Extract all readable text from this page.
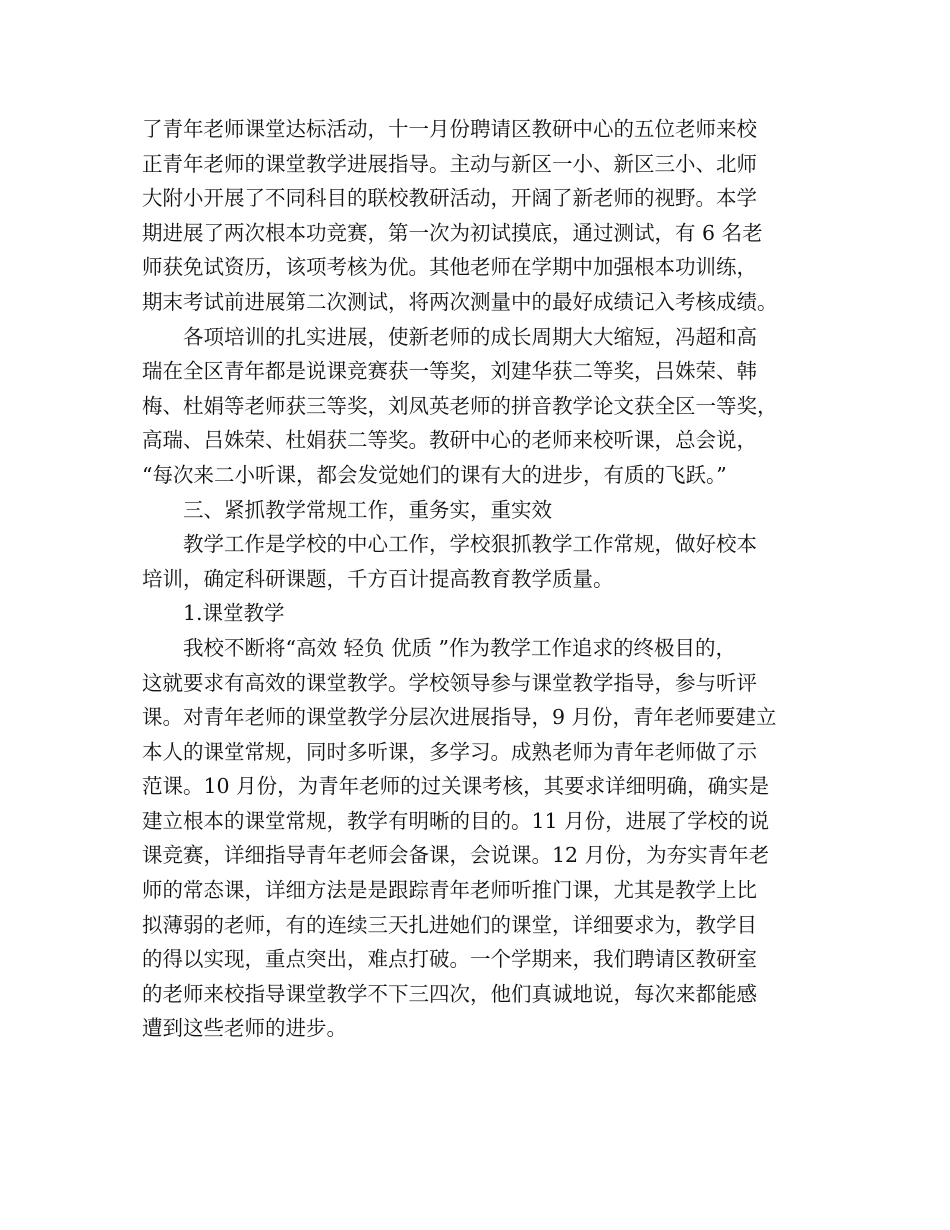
了青年老师课堂达标活动，十一月份聘请区教研中心的五位老师来校
正青年老师的课堂教学进展指导。主动与新区一小、新区三小、北师
大附小开展了不同科目的联校教研活动，开阔了新老师的视野。本学
期进展了两次根本功竞赛，第一次为初试摸底，通过测试，有 6 名老
师获免试资历，该项考核为优。其他老师在学期中加强根本功训练，
期末考试前进展第二次测试，将两次测量中的最好成绩记入考核成绩。
各项培训的扎实进展，使新老师的成长周期大大缩短，冯超和高
瑞在全区青年都是说课竞赛获一等奖，刘建华获二等奖，吕姝荣、韩
梅、杜娟等老师获三等奖，刘凤英老师的拼音教学论文获全区一等奖，
高瑞、吕姝荣、杜娟获二等奖。教研中心的老师来校听课，总会说，
“每次来二小听课，都会发觉她们的课有大的进步，有质的飞跃。”
三、紧抓教学常规工作，重务实，重实效
教学工作是学校的中心工作，学校狠抓教学工作常规，做好校本
培训，确定科研课题，千方百计提高教育教学质量。
1.课堂教学
我校不断将“高效 轻负 优质 ”作为教学工作追求的终极目的，
这就要求有高效的课堂教学。学校领导参与课堂教学指导，参与听评
课。对青年老师的课堂教学分层次进展指导，9 月份，青年老师要建立
本人的课堂常规，同时多听课，多学习。成熟老师为青年老师做了示
范课。10 月份，为青年老师的过关课考核，其要求详细明确，确实是
建立根本的课堂常规，教学有明晰的目的。11 月份，进展了学校的说
课竞赛，详细指导青年老师会备课，会说课。12 月份，为夯实青年老
师的常态课，详细方法是是跟踪青年老师听推门课，尤其是教学上比
拟薄弱的老师，有的连续三天扎进她们的课堂，详细要求为，教学目
的得以实现，重点突出，难点打破。一个学期来，我们聘请区教研室
的老师来校指导课堂教学不下三四次，他们真诚地说，每次来都能感
遭到这些老师的进步。
